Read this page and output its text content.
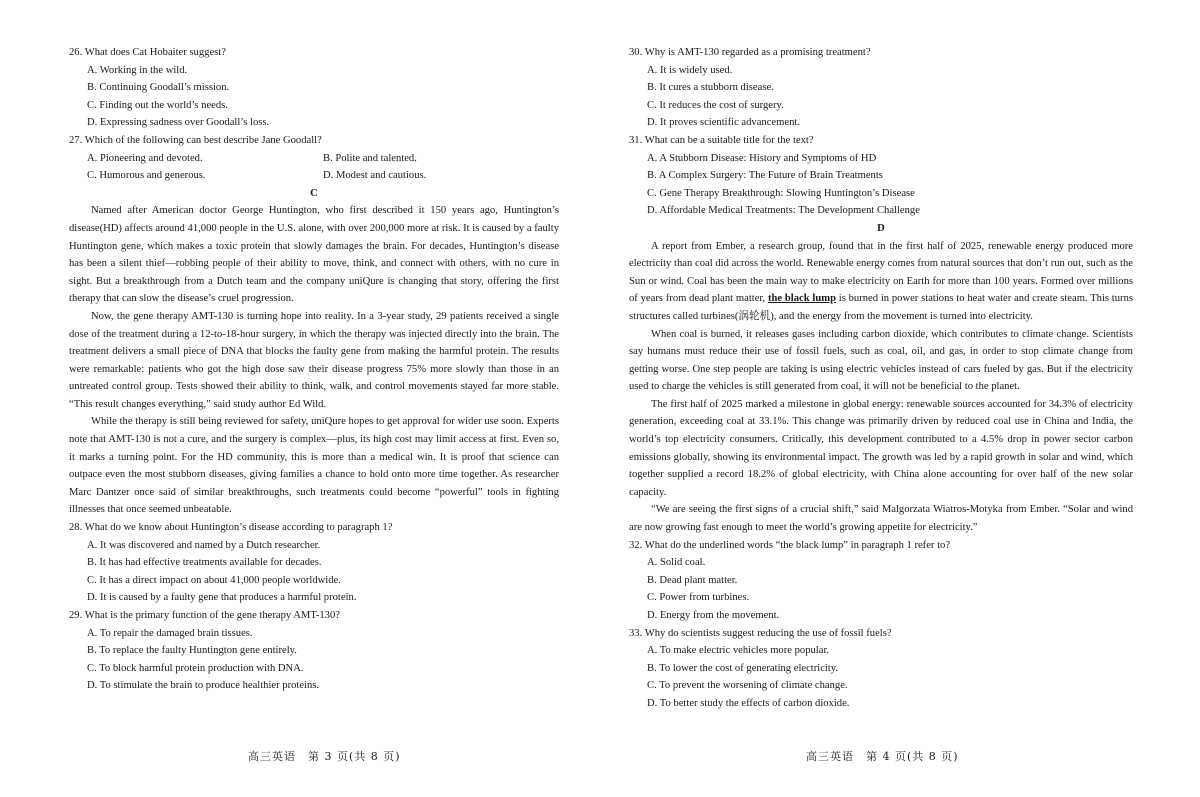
26. What does Cat Hobaiter suggest?

A. Working in the wild.

B. Continuing Goodall’s mission.

C. Finding out the world’s needs.

D. Expressing sadness over Goodall’s loss.

27. Which of the following can best describe Jane Goodall?

A. Pioneering and devoted.	B. Polite and talented.

C. Humorous and generous.	D. Modest and cautious.

C

Named after American doctor George Huntington, who first described it 150 years ago, Huntington’s disease(HD) affects around 41,000 people in the U.S. alone, with over 200,000 more at risk. It is caused by a faulty Huntington gene, which makes a toxic protein that slowly damages the brain. For decades, Huntington’s disease has been a silent thief—robbing people of their ability to move, think, and connect with others, with no cure in sight. But a breakthrough from a Dutch team and the company uniQure is changing that story, offering the first therapy that can slow the disease’s cruel progression.

Now, the gene therapy AMT-130 is turning hope into reality. In a 3-year study, 29 patients received a single dose of the treatment during a 12-to-18-hour surgery, in which the therapy was injected directly into the brain. The treatment delivers a small piece of DNA that blocks the faulty gene from making the harmful protein. The results were remarkable: patients who got the high dose saw their disease progress 75% more slowly than those in an untreated control group. Tests showed their ability to think, walk, and control movements stayed far more stable. “This result changes everything,” said study author Ed Wild.

While the therapy is still being reviewed for safety, uniQure hopes to get approval for wider use soon. Experts note that AMT-130 is not a cure, and the surgery is complex—plus, its high cost may limit access at first. Even so, it marks a turning point. For the HD community, this is more than a medical win. It is proof that science can outpace even the most stubborn diseases, giving families a chance to hold onto more time together. As researcher Marc Dantzer once said of similar breakthroughs, such treatments could become “powerful” tools in fighting illnesses that once seemed unbeatable.

28. What do we know about Huntington’s disease according to paragraph 1?

A. It was discovered and named by a Dutch researcher.

B. It has had effective treatments available for decades.

C. It has a direct impact on about 41,000 people worldwide.

D. It is caused by a faulty gene that produces a harmful protein.

29. What is the primary function of the gene therapy AMT-130?

A. To repair the damaged brain tissues.

B. To replace the faulty Huntington gene entirely.

C. To block harmful protein production with DNA.

D. To stimulate the brain to produce healthier proteins.

30. Why is AMT-130 regarded as a promising treatment?

A. It is widely used.

B. It cures a stubborn disease.

C. It reduces the cost of surgery.

D. It proves scientific advancement.

31. What can be a suitable title for the text?

A. A Stubborn Disease: History and Symptoms of HD

B. A Complex Surgery: The Future of Brain Treatments

C. Gene Therapy Breakthrough: Slowing Huntington’s Disease

D. Affordable Medical Treatments: The Development Challenge

D

A report from Ember, a research group, found that in the first half of 2025, renewable energy produced more electricity than coal did across the world. Renewable energy comes from natural sources that don’t run out, such as the Sun or wind. Coal has been the main way to make electricity on Earth for more than 100 years. Formed over millions of years from dead plant matter, the black lump is burned in power stations to heat water and create steam. This turns structures called turbines(涡轮机), and the energy from the movement is turned into electricity.

When coal is burned, it releases gases including carbon dioxide, which contributes to climate change. Scientists say humans must reduce their use of fossil fuels, such as coal, oil, and gas, in order to stop climate change from getting worse. One step people are taking is using electric vehicles instead of cars fueled by gas. But if the electricity used to charge the vehicles is still generated from coal, it will not be beneficial to the planet.

The first half of 2025 marked a milestone in global energy: renewable sources accounted for 34.3% of electricity generation, exceeding coal at 33.1%. This change was primarily driven by reduced coal use in China and India, the world’s top electricity consumers. Critically, this development contributed to a 4.5% drop in power sector carbon emissions globally, showing its environmental impact. The growth was led by a rapid growth in solar and wind, which together supplied a record 18.2% of global electricity, with China alone accounting for over half of the new solar capacity.

“We are seeing the first signs of a crucial shift,” said Malgorzata Wiatros-Motyka from Ember. “Solar and wind are now growing fast enough to meet the world’s growing appetite for electricity.”

32. What do the underlined words “the black lump” in paragraph 1 refer to?

A. Solid coal.

B. Dead plant matter.

C. Power from turbines.

D. Energy from the movement.

33. Why do scientists suggest reducing the use of fossil fuels?

A. To make electric vehicles more popular.

B. To lower the cost of generating electricity.

C. To prevent the worsening of climate change.

D. To better study the effects of carbon dioxide.

高三英语　第 3 页(共 8 页)	高三英语　第 4 页(共 8 页)
